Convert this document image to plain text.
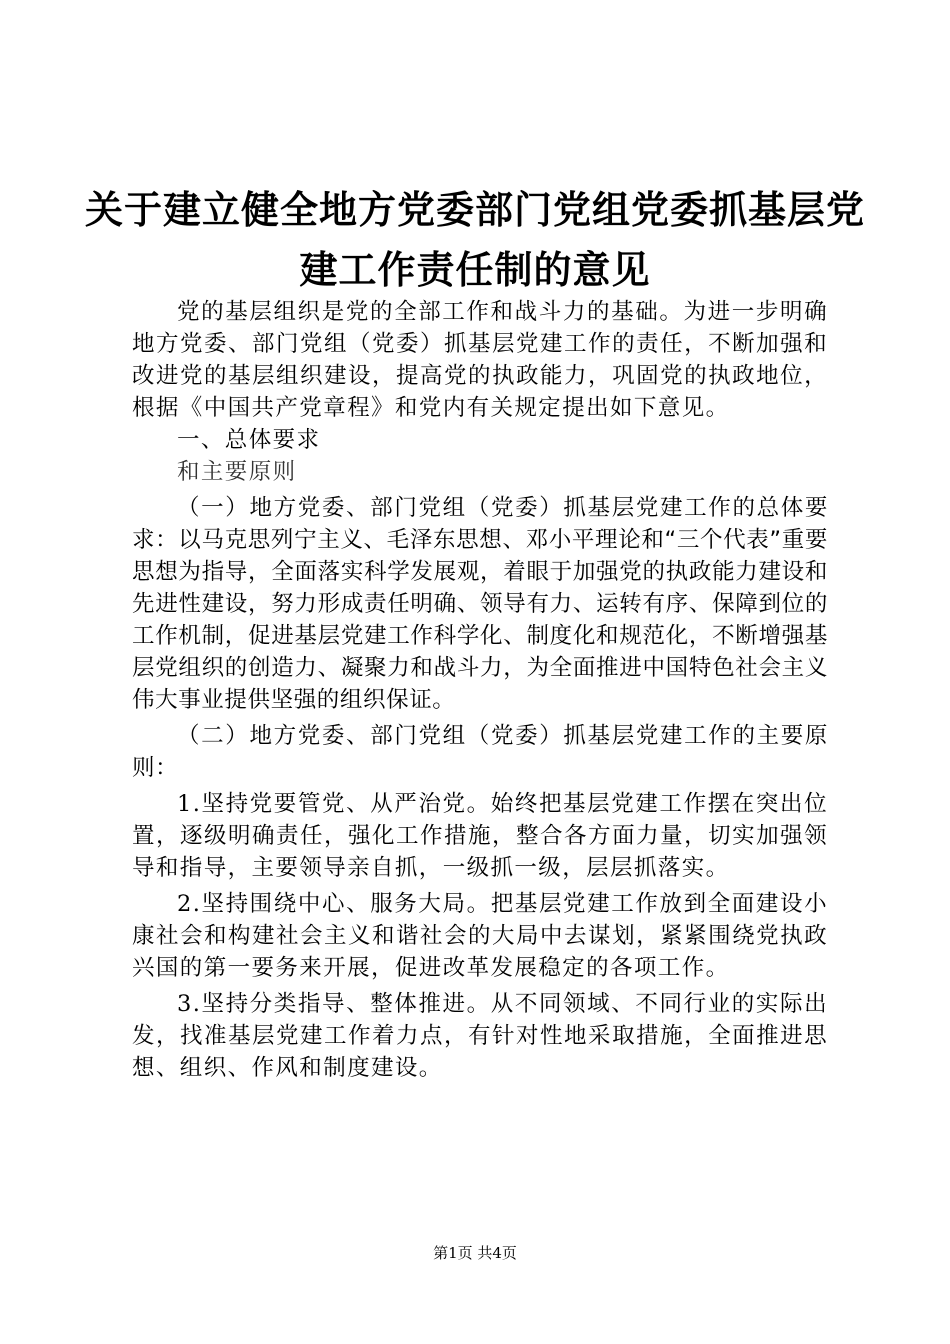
关于建立健全地方党委部门党组党委抓基层党
建工作责任制的意见

党的基层组织是党的全部工作和战斗力的基础。为进一步明确地方党委、部门党组（党委）抓基层党建工作的责任，不断加强和改进党的基层组织建设，提高党的执政能力，巩固党的执政地位，根据《中国共产党章程》和党内有关规定提出如下意见。

一、总体要求

和主要原则

（一）地方党委、部门党组（党委）抓基层党建工作的总体要求：以马克思列宁主义、毛泽东思想、邓小平理论和“三个代表”重要思想为指导，全面落实科学发展观，着眼于加强党的执政能力建设和先进性建设，努力形成责任明确、领导有力、运转有序、保障到位的工作机制，促进基层党建工作科学化、制度化和规范化，不断增强基层党组织的创造力、凝聚力和战斗力，为全面推进中国特色社会主义伟大事业提供坚强的组织保证。

（二）地方党委、部门党组（党委）抓基层党建工作的主要原则：

1.坚持党要管党、从严治党。始终把基层党建工作摆在突出位置，逐级明确责任，强化工作措施，整合各方面力量，切实加强领导和指导，主要领导亲自抓，一级抓一级，层层抓落实。

2.坚持围绕中心、服务大局。把基层党建工作放到全面建设小康社会和构建社会主义和谐社会的大局中去谋划，紧紧围绕党执政兴国的第一要务来开展，促进改革发展稳定的各项工作。

3.坚持分类指导、整体推进。从不同领域、不同行业的实际出发，找准基层党建工作着力点，有针对性地采取措施，全面推进思想、组织、作风和制度建设。

第1页 共4页
